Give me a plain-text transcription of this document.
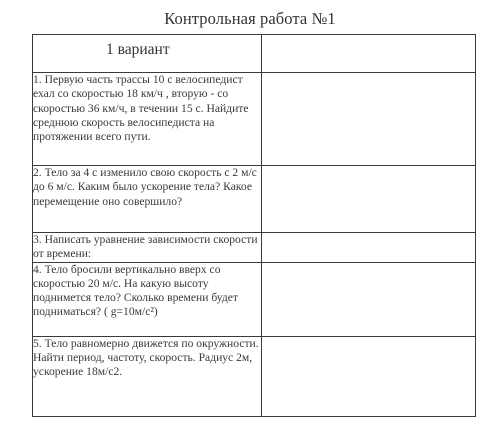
Контрольная работа №1
1 вариант	
1. Первую часть трассы 10 с велосипедист ехал со скоростью 18 км/ч , вторую - со скоростью 36 км/ч, в течении 15 с. Найдите среднюю скорость велосипедиста на протяжении всего пути.	
2. Тело за 4 с изменило свою скорость с 2 м/с до 6 м/с. Каким было ускорение тела? Какое перемещение оно совершило?	
3. Написать уравнение зависимости скорости от времени:	
4. Тело бросили вертикально вверх со скоростью 20 м/с. На какую высоту поднимется тело? Сколько времени будет подниматься? ( g=10м/с²)	
5. Тело равномерно движется по окружности. Найти период, частоту, скорость. Радиус 2м, ускорение 18м/с2.	
